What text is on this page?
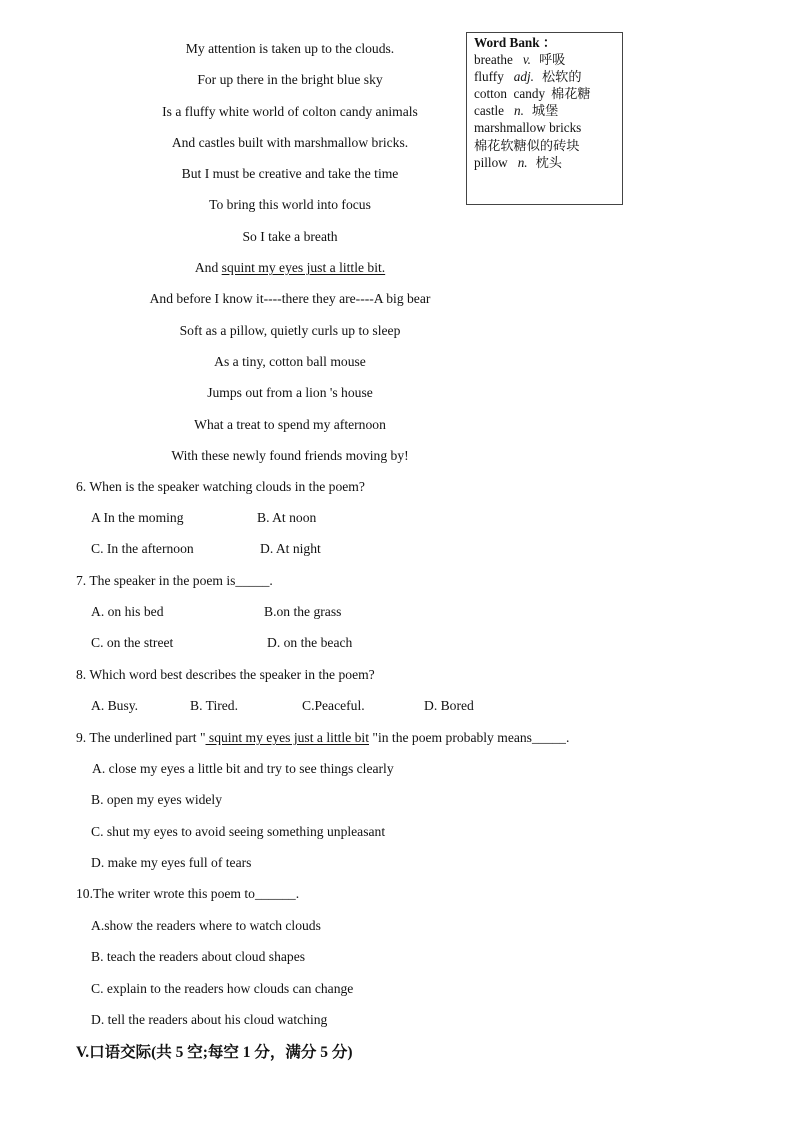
My attention is taken up to the clouds.
For up there in the bright blue sky
Is a fluffy white world of colton candy animals
And castles built with marshmallow bricks.
But I must be creative and take the time
To bring this world into focus
So I take a breath
And squint my eyes just a little bit.
And before I know it----there they are----A big bear
Soft as a pillow, quietly curls up to sleep
As a tiny, cotton ball mouse
Jumps out from a lion 's house
What a treat to spend my afternoon
With these newly found friends moving by!
Word Bank ：
breathe v. 呼吸
fluffy adj. 松软的
cotton  candy 棉花糖
castle n. 城堡
marshmallow bricks
棉花软糖似的砖块
pillow n. 枕头
6. When is the speaker watching clouds in the poem?
A In the moming	B. At noon
C. In the afternoon	D. At night
7. The speaker in the poem is_____.
A. on his bed	B.on the grass
C. on the street	D. on the beach
8. Which word best describes the speaker in the poem?
A. Busy.	B. Tired.	C.Peaceful.	D. Bored
9. The underlined part " squint my eyes just a little bit "in the poem probably means_____.
A. close my eyes a little bit and try to see things clearly
B. open my eyes widely
C. shut my eyes to avoid seeing something unpleasant
D. make my eyes full of tears
10.The writer wrote this poem to______.
A.show the readers where to watch clouds
B. teach the readers about cloud shapes
C. explain to the readers how clouds can change
D. tell the readers about his cloud watching
V.口语交际(共 5 空;每空 1 分，满分 5 分)
